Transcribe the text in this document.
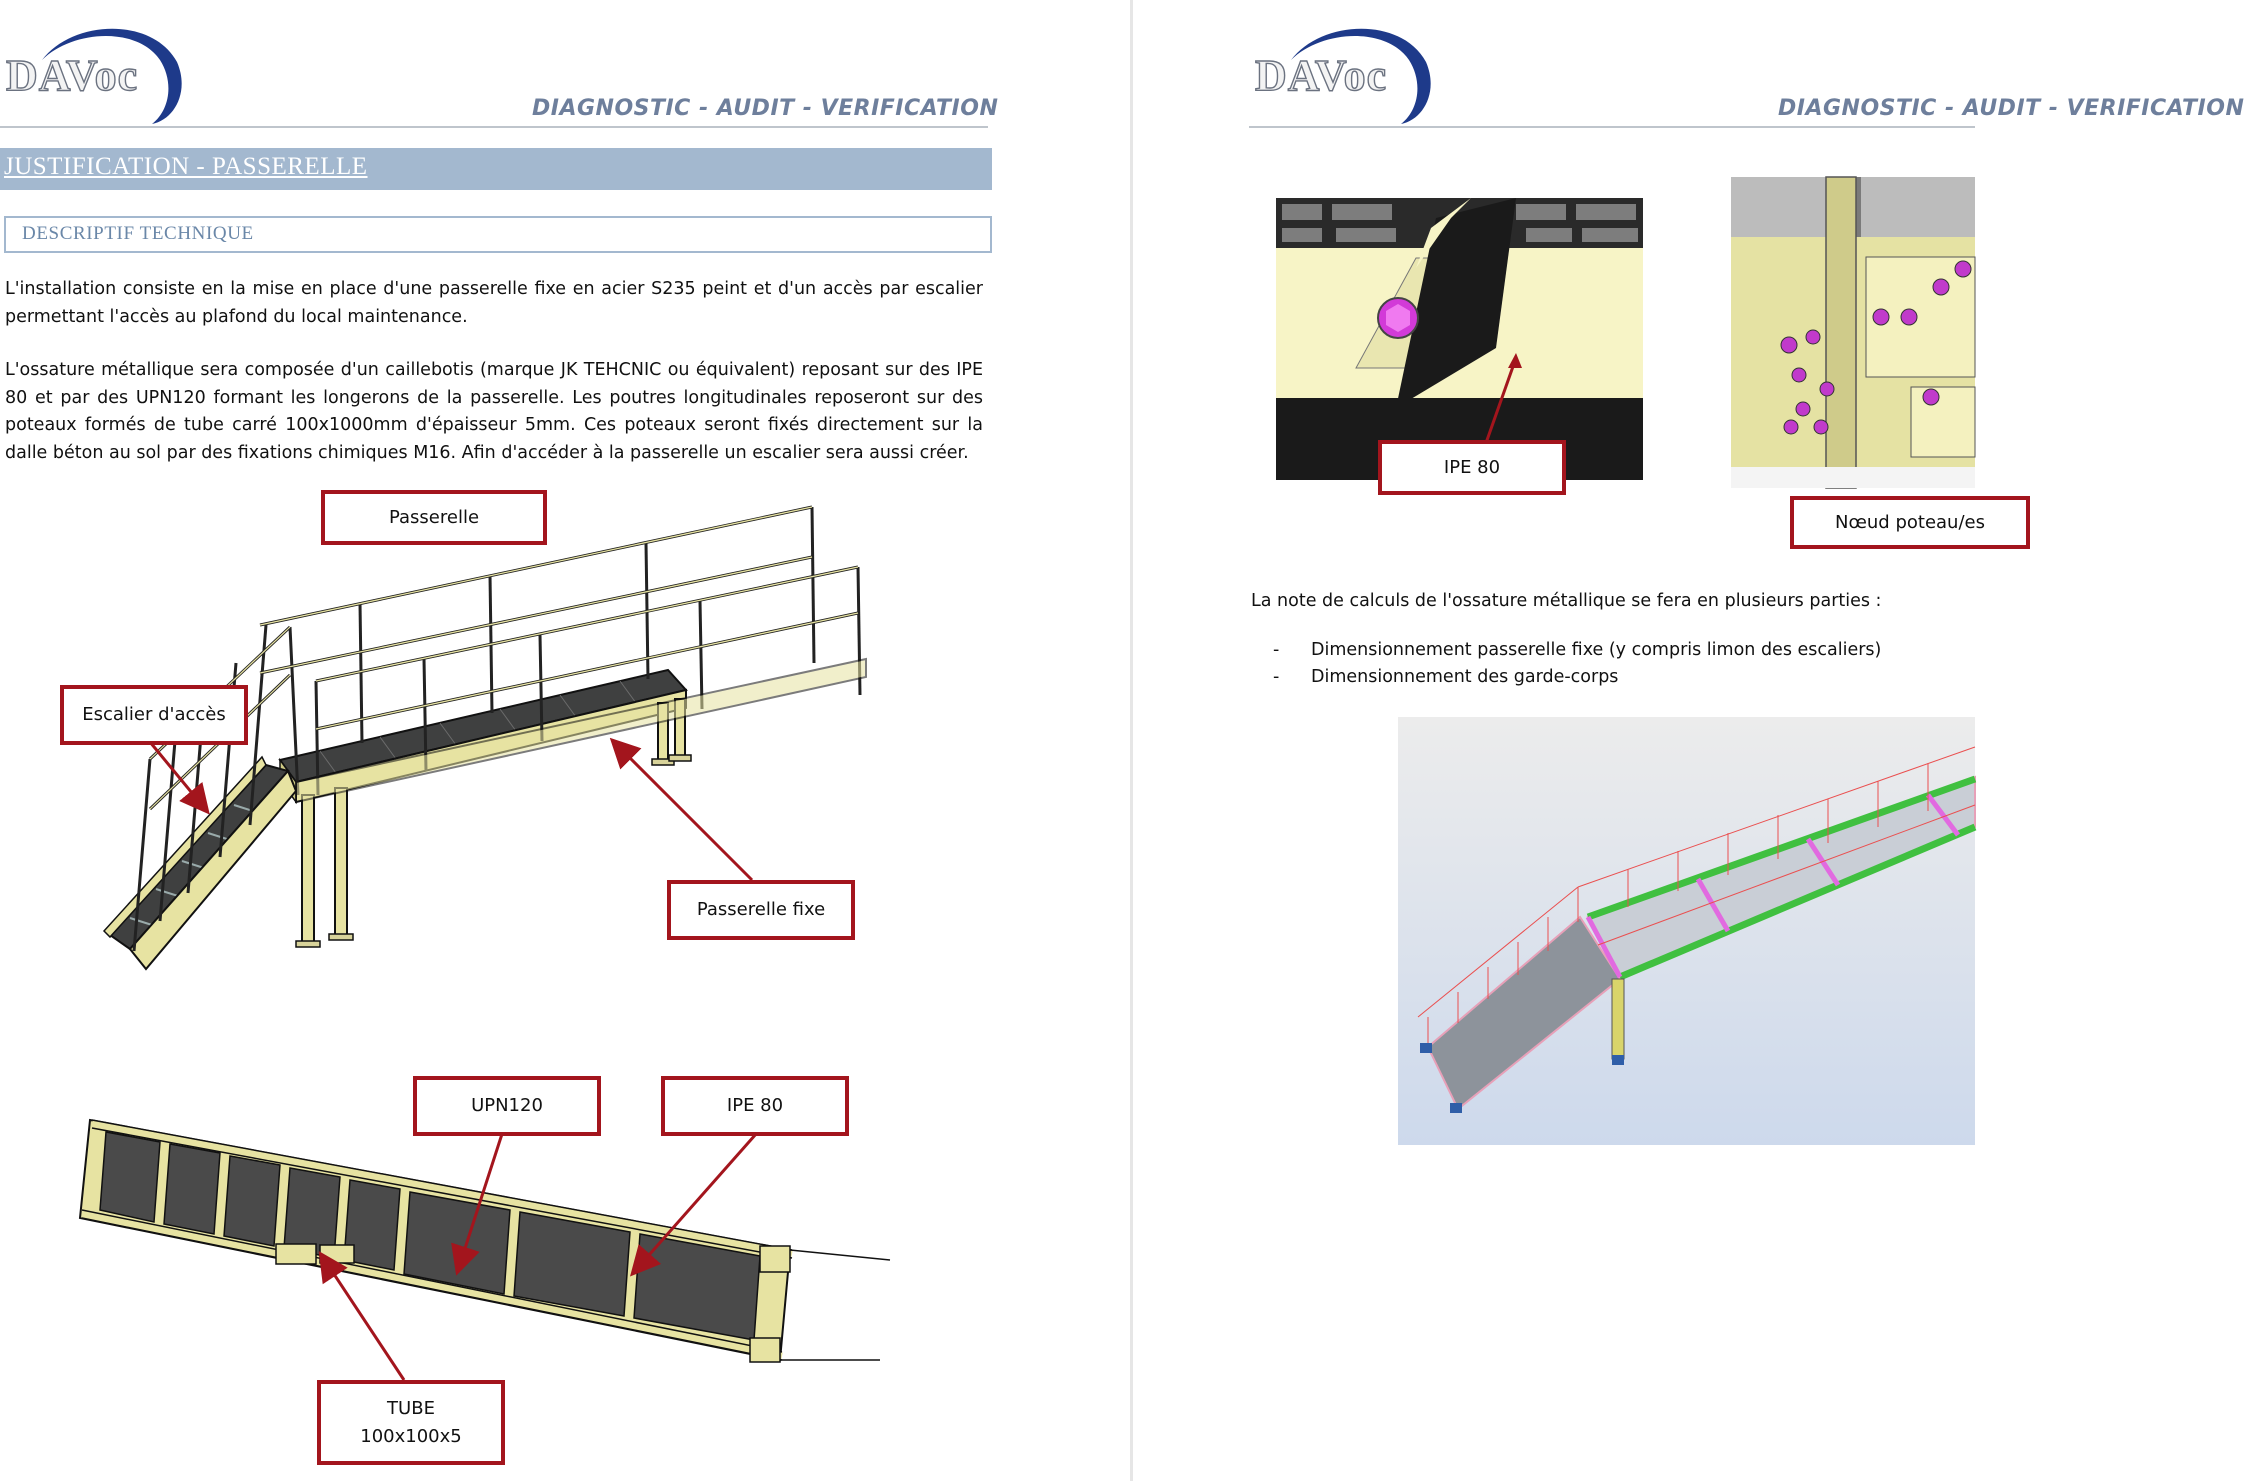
DAVoc
DIAGNOSTIC - AUDIT - VERIFICATION
JUSTIFICATION - PASSERELLE
DESCRIPTIF TECHNIQUE

L'installation consiste en la mise en place d'une passerelle fixe en acier S235 peint et d'un accès par escalier permettant l'accès au plafond du local maintenance.

L'ossature métallique sera composée d'un caillebotis (marque JK TEHCNIC ou équivalent) reposant sur des IPE 80 et par des UPN120 formant les longerons de la passerelle. Les poutres longitudinales reposeront sur des poteaux formés de tube carré 100x1000mm d'épaisseur 5mm. Ces poteaux seront fixés directement sur la dalle béton au sol par des fixations chimiques M16. Afin d'accéder à la passerelle un escalier sera aussi créer.

Passerelle
Escalier d'accès
Passerelle fixe
UPN120	IPE 80
TUBE
100x100x5
DAVoc
DIAGNOSTIC - AUDIT - VERIFICATION
IPE 80
Nœud poteau/es
La note de calculs de l'ossature métallique se fera en plusieurs parties :
- Dimensionnement passerelle fixe (y compris limon des escaliers)
- Dimensionnement des garde-corps
